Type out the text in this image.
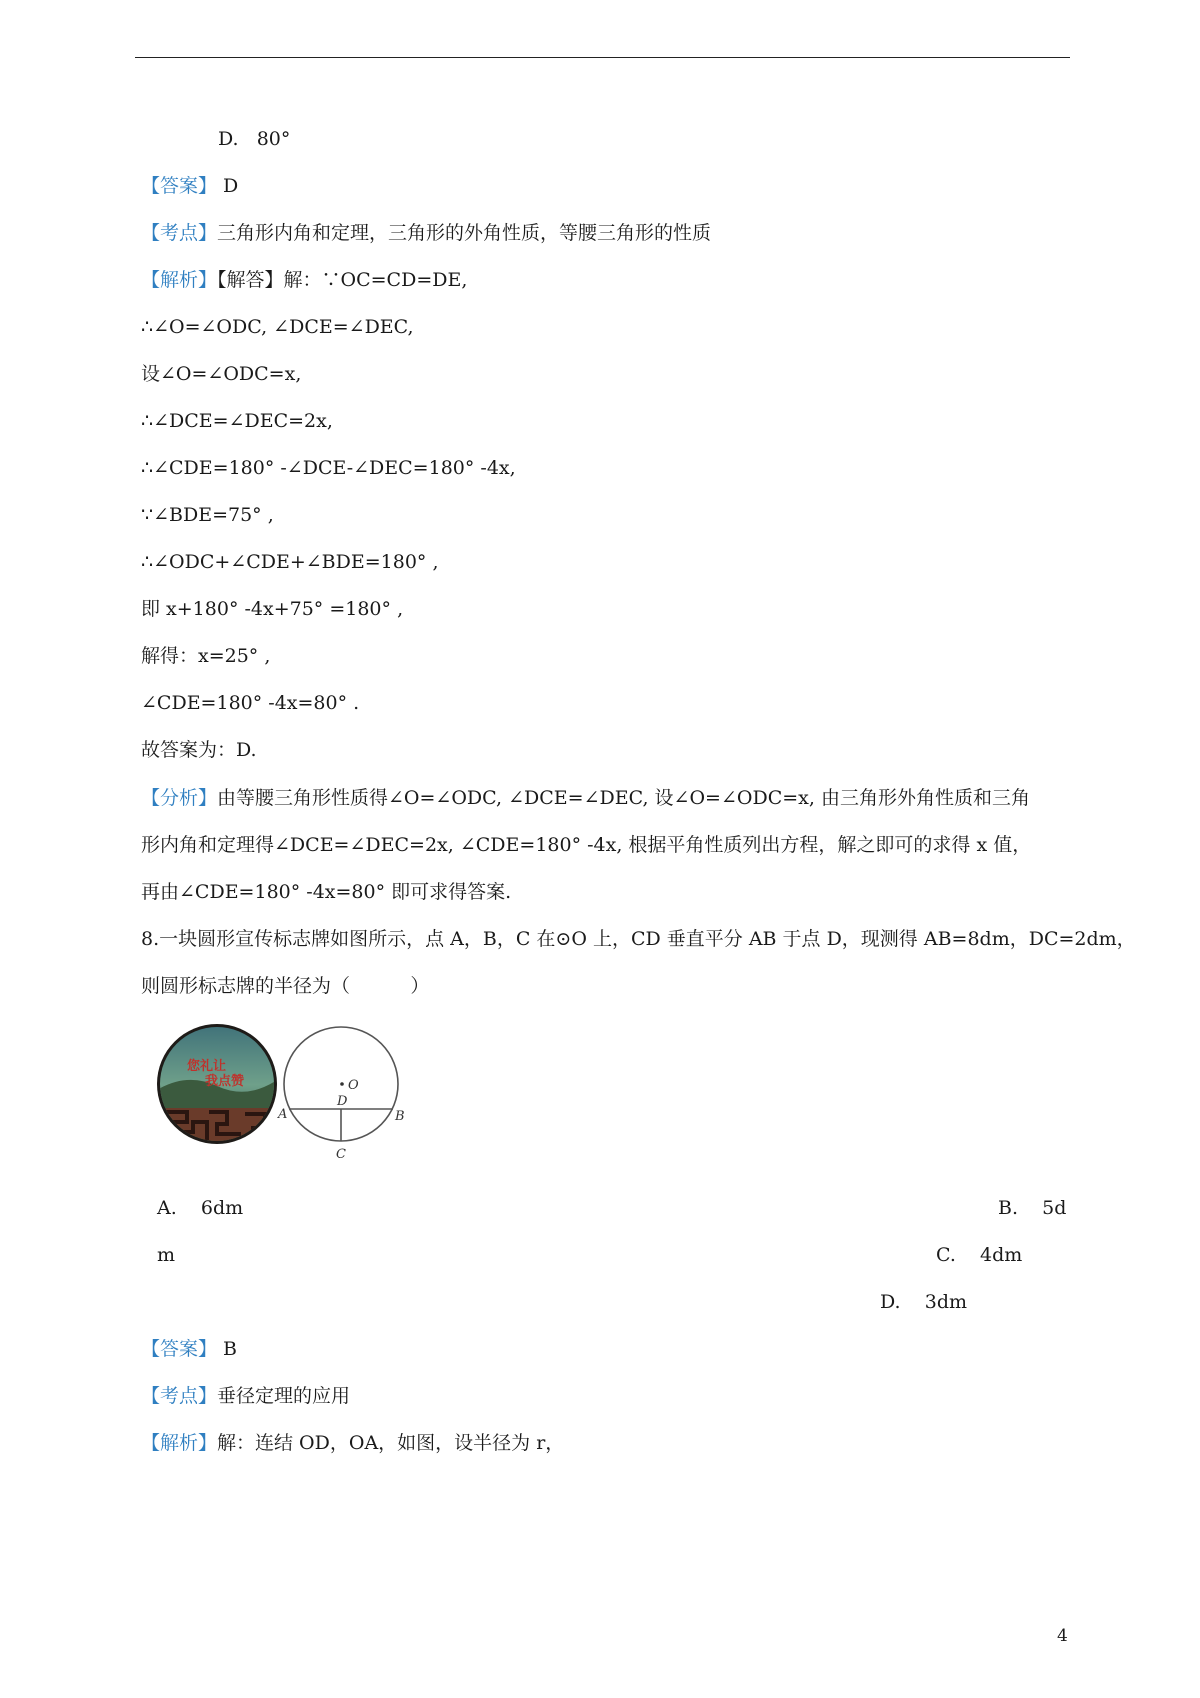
D.   80°
【答案】 D
【考点】三角形内角和定理，三角形的外角性质，等腰三角形的性质
【解析】【解答】解：∵OC=CD=DE,
∴∠O=∠ODC, ∠DCE=∠DEC,
设∠O=∠ODC=x,
∴∠DCE=∠DEC=2x,
∴∠CDE=180° -∠DCE-∠DEC=180° -4x,
∵∠BDE=75° ,
∴∠ODC+∠CDE+∠BDE=180° ,
即 x+180° -4x+75° =180° ,
解得：x=25° ,
∠CDE=180° -4x=80° .
故答案为：D.
【分析】由等腰三角形性质得∠O=∠ODC, ∠DCE=∠DEC, 设∠O=∠ODC=x, 由三角形外角性质和三角
形内角和定理得∠DCE=∠DEC=2x, ∠CDE=180° -4x, 根据平角性质列出方程，解之即可的求得 x 值，
再由∠CDE=180° -4x=80° 即可求得答案.
8.一块圆形宣传标志牌如图所示，点 A，B，C 在⊙O 上，CD 垂直平分 AB 于点 D，现测得 AB=8dm，DC=2dm，
则圆形标志牌的半径为（          ）
您礼让
我点赞	O
D
A	B
C
A.    6dm	B.    5d
m	C.    4dm
D.    3dm
【答案】 B
【考点】垂径定理的应用
【解析】解：连结 OD，OA，如图，设半径为 r，
4
